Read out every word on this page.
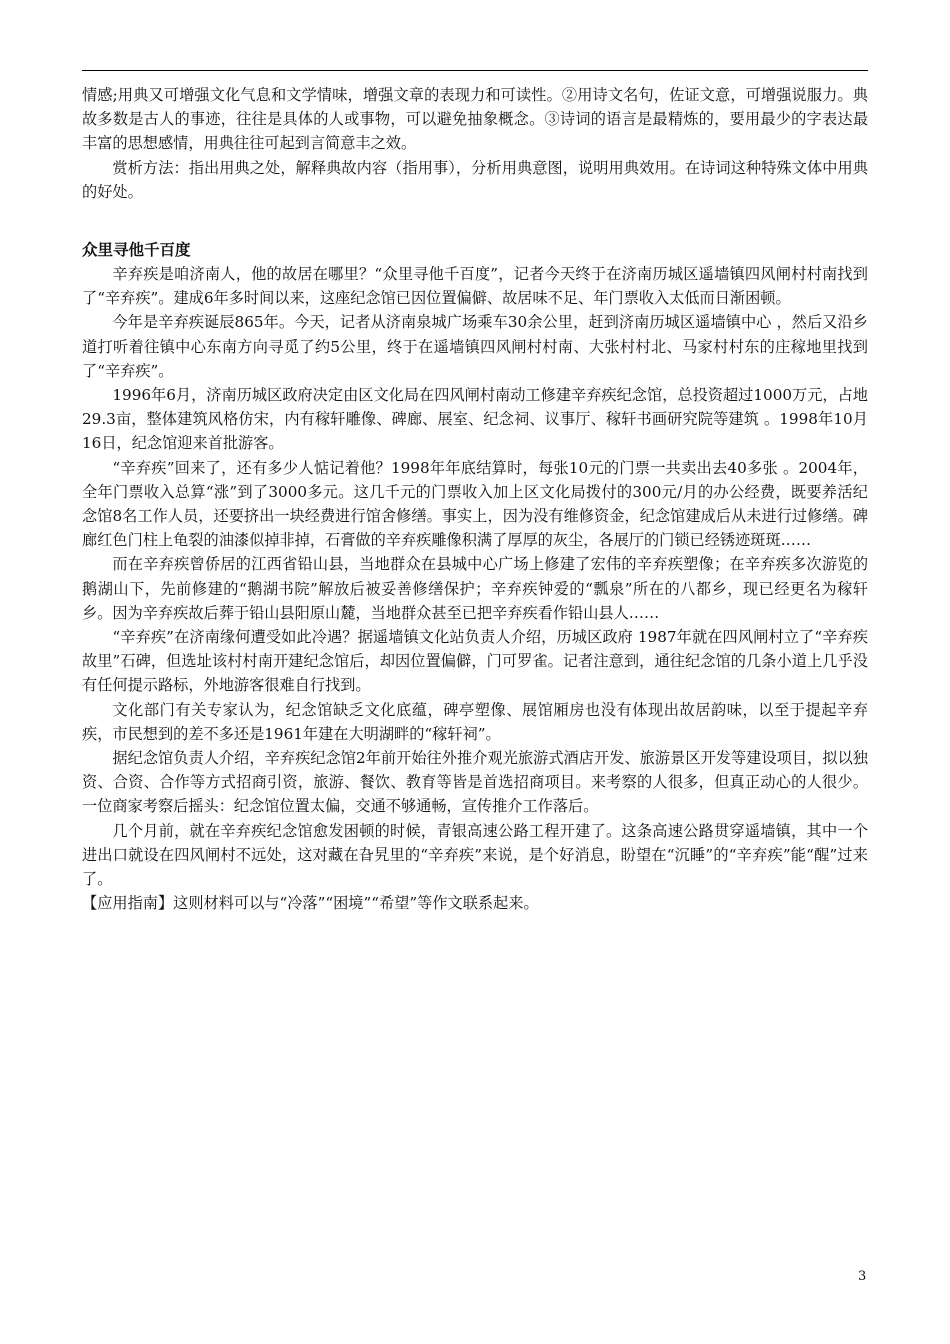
情感;用典又可增强文化气息和文学情味，增强文章的表现力和可读性。②用诗文名句，佐证文意，可增强说服力。典故多数是古人的事迹，往往是具体的人或事物，可以避免抽象概念。③诗词的语言是最精炼的，要用最少的字表达最丰富的思想感情，用典往往可起到言简意丰之效。

赏析方法：指出用典之处，解释典故内容（指用事），分析用典意图，说明用典效用。在诗词这种特殊文体中用典的好处。

众里寻他千百度

辛弃疾是咱济南人，他的故居在哪里？“众里寻他千百度”，记者今天终于在济南历城区遥墙镇四风闸村村南找到了“辛弃疾”。建成6年多时间以来，这座纪念馆已因位置偏僻、故居味不足、年门票收入太低而日渐困顿。

今年是辛弃疾诞辰865年。今天，记者从济南泉城广场乘车30余公里，赶到济南历城区遥墙镇中心 ，然后又沿乡道打听着往镇中心东南方向寻觅了约5公里，终于在遥墙镇四风闸村村南、大张村村北、马家村村东的庄稼地里找到了“辛弃疾”。

1996年6月，济南历城区政府决定由区文化局在四风闸村南动工修建辛弃疾纪念馆，总投资超过1000万元，占地29.3亩，整体建筑风格仿宋，内有稼轩雕像、碑廊、展室、纪念祠、议事厅、稼轩书画研究院等建筑 。1998年10月16日，纪念馆迎来首批游客。

“辛弃疾”回来了，还有多少人惦记着他？1998年年底结算时，每张10元的门票一共卖出去40多张 。2004年，全年门票收入总算“涨”到了3000多元。这几千元的门票收入加上区文化局拨付的300元/月的办公经费，既要养活纪念馆8名工作人员，还要挤出一块经费进行馆舍修缮。事实上，因为没有维修资金，纪念馆建成后从未进行过修缮。碑廊红色门柱上龟裂的油漆似掉非掉，石膏做的辛弃疾雕像积满了厚厚的灰尘，各展厅的门锁已经锈迹斑斑……

而在辛弃疾曾侨居的江西省铅山县，当地群众在县城中心广场上修建了宏伟的辛弃疾塑像；在辛弃疾多次游览的鹅湖山下，先前修建的“鹅湖书院”解放后被妥善修缮保护；辛弃疾钟爱的“瓢泉”所在的八都乡，现已经更名为稼轩乡。因为辛弃疾故后葬于铅山县阳原山麓，当地群众甚至已把辛弃疾看作铅山县人……

“辛弃疾”在济南缘何遭受如此冷遇？据遥墙镇文化站负责人介绍，历城区政府 1987年就在四风闸村立了“辛弃疾故里”石碑，但选址该村村南开建纪念馆后，却因位置偏僻，门可罗雀。记者注意到，通往纪念馆的几条小道上几乎没有任何提示路标，外地游客很难自行找到。

文化部门有关专家认为，纪念馆缺乏文化底蕴，碑亭塑像、展馆厢房也没有体现出故居韵味，以至于提起辛弃疾，市民想到的差不多还是1961年建在大明湖畔的“稼轩祠”。

据纪念馆负责人介绍，辛弃疾纪念馆2年前开始往外推介观光旅游式酒店开发、旅游景区开发等建设项目，拟以独资、合资、合作等方式招商引资，旅游、餐饮、教育等皆是首选招商项目。来考察的人很多，但真正动心的人很少。一位商家考察后摇头：纪念馆位置太偏，交通不够通畅，宣传推介工作落后。

几个月前，就在辛弃疾纪念馆愈发困顿的时候，青银高速公路工程开建了。这条高速公路贯穿遥墙镇，其中一个进出口就设在四风闸村不远处，这对藏在旮旯里的“辛弃疾”来说，是个好消息，盼望在“沉睡”的“辛弃疾”能“醒”过来了。

【应用指南】这则材料可以与“冷落”“困境”“希望”等作文联系起来。

3
